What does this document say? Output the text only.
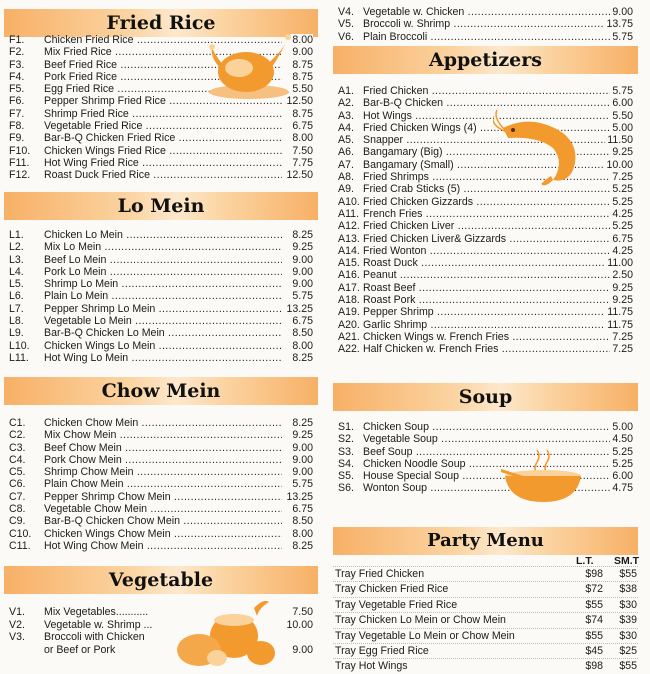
Fried Rice
F1. Chicken Fried Rice .....	8.00
F2. Mix Fried Rice .....	9.00
F3. Beef Fried Rice .....	8.75
F4. Pork Fried Rice .....	8.75
F5. Egg Fried Rice .....	5.50
F6. Pepper Shrimp Fried Rice .....	12.50
F7. Shrimp Fried Rice .....	8.75
F8. Vegetable Fried Rice .....	6.75
F9. Bar-B-Q Chicken Fried Rice .....	8.00
F10. Chicken Wings Fried Rice .....	7.50
F11. Hot Wing Fried Rice .....	7.75
F12. Roast Duck Fried Rice .....	12.50
Lo Mein
L1. Chicken Lo Mein .....	8.25
L2. Mix Lo Mein .....	9.25
L3. Beef Lo Mein .....	9.00
L4. Pork Lo Mein .....	9.00
L5. Shrimp Lo Mein .....	9.00
L6. Plain Lo Mein .....	5.75
L7. Pepper Shrimp Lo Mein .....	13.25
L8. Vegetable Lo Mein .....	6.75
L9. Bar-B-Q Chicken Lo Mein .....	8.50
L10. Chicken Wings Lo Mein .....	8.00
L11. Hot Wing Lo Mein .....	8.25
Chow Mein
C1. Chicken Chow Mein .....	8.25
C2. Mix Chow Mein .....	9.25
C3. Beef Chow Mein .....	9.00
C4. Pork Chow Mein .....	9.00
C5. Shrimp Chow Mein .....	9.00
C6. Plain Chow Mein .....	5.75
C7. Pepper Shrimp Chow Mein .....	13.25
C8. Vegetable Chow Mein .....	6.75
C9. Bar-B-Q Chicken Chow Mein .....	8.50
C10. Chicken Wings Chow Mein .....	8.00
C11. Hot Wing Chow Mein .....	8.25
Vegetable
V1. Mix Vegetables...........	7.50
V2. Vegetable w. Shrimp ...	10.00
V3. Broccoli with Chicken
or Beef or Pork	9.00
V4. Vegetable w. Chicken .....	9.00
V5. Broccoli w. Shrimp .....	13.75
V6. Plain Broccoli .....	5.75
Appetizers
A1. Fried Chicken .....	5.75
A2. Bar-B-Q Chicken .....	6.00
A3. Hot Wings .....	5.50
A4. Fried Chicken Wings (4) .....	5.00
A5. Snapper .....	11.50
A6. Bangamary (Big) .....	9.25
A7. Bangamary (Small) .....	10.00
A8. Fried Shrimps .....	7.25
A9. Fried Crab Sticks (5) .....	5.25
A10. Fried Chicken Gizzards .....	5.25
A11. French Fries .....	4.25
A12. Fried Chicken Liver .....	5.25
A13. Fried Chicken Liver& Gizzards .....	6.75
A14. Fried Wonton .....	4.25
A15. Roast Duck .....	11.00
A16. Peanut .....	2.50
A17. Roast Beef .....	9.25
A18. Roast Pork .....	9.25
A19. Pepper Shrimp .....	11.75
A20. Garlic Shrimp .....	11.75
A21. Chicken Wings w. French Fries .....	7.25
A22. Half Chicken w. French Fries .....	7.25
Soup
S1. Chicken Soup .....	5.00
S2. Vegetable Soup .....	4.50
S3. Beef Soup .....	5.25
S4. Chicken Noodle Soup .....	5.25
S5. House Special Soup .....	6.00
S6. Wonton Soup .....	4.75
Party Menu
L.T. SM.T
Tray Fried Chicken	$98	$55
Tray Chicken Fried Rice	$72	$38
Tray Vegetable Fried Rice	$55	$30
Tray Chicken Lo Mein or Chow Mein	$74	$39
Tray Vegetable Lo Mein or Chow Mein	$55	$30
Tray Egg Fried Rice	$45	$25
Tray Hot Wings	$98	$55
